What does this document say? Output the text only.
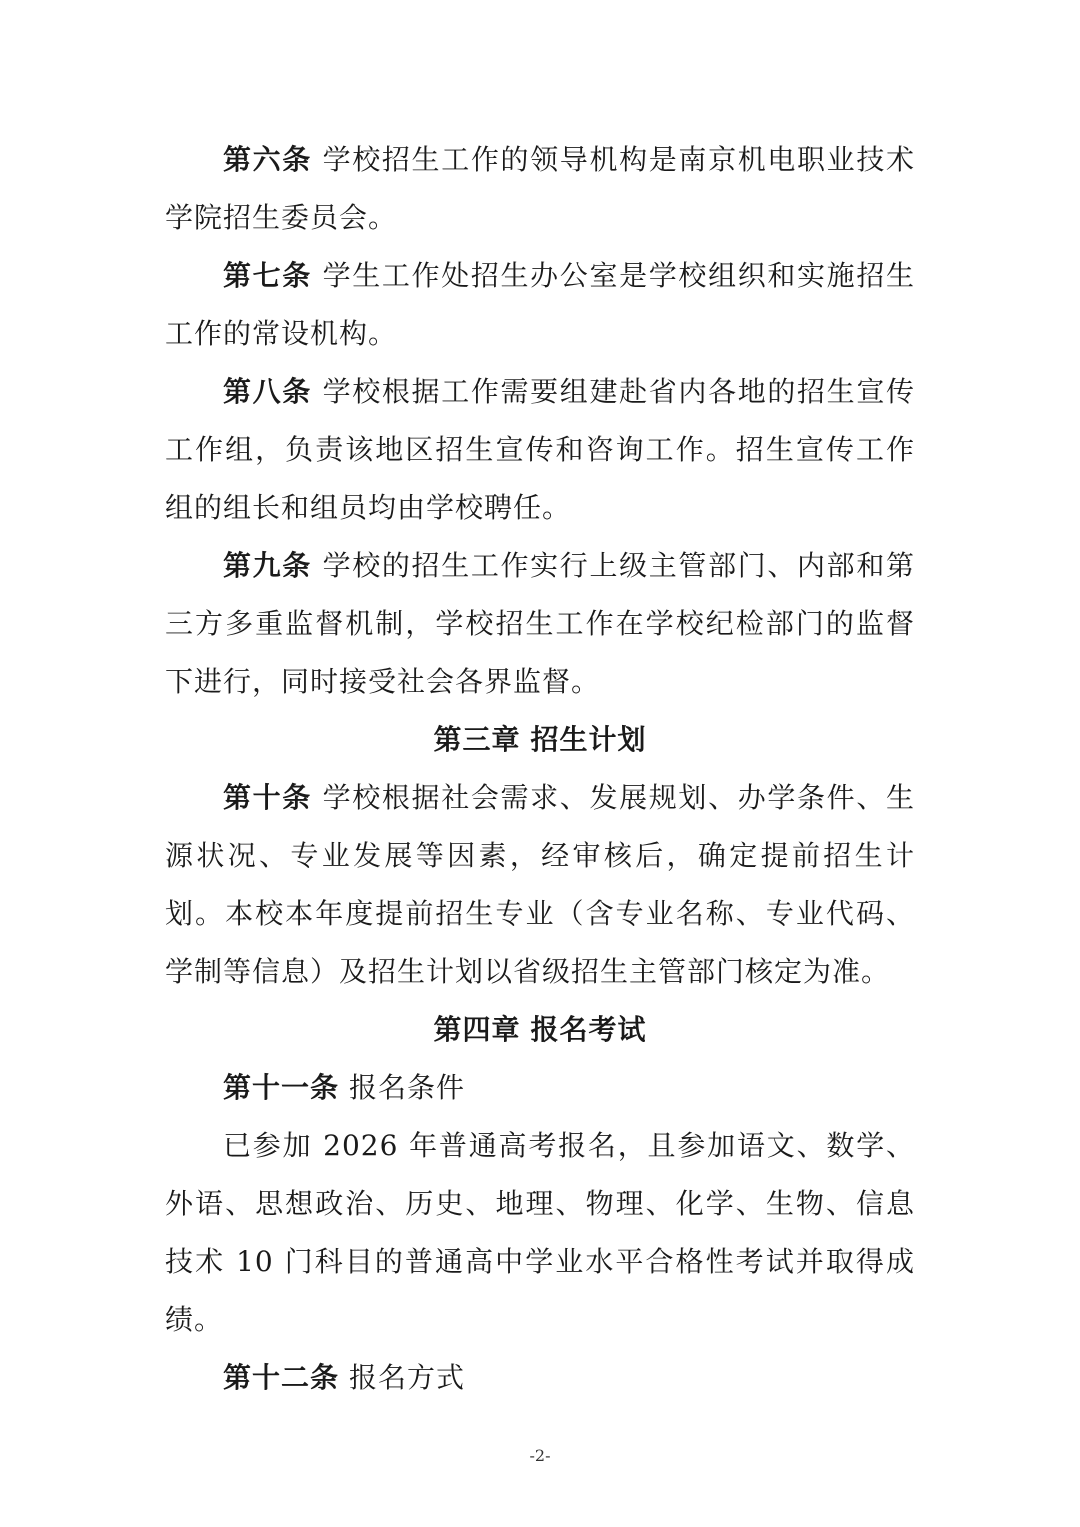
第六条 学校招生工作的领导机构是南京机电职业技术学院招生委员会。

第七条 学生工作处招生办公室是学校组织和实施招生工作的常设机构。

第八条 学校根据工作需要组建赴省内各地的招生宣传工作组，负责该地区招生宣传和咨询工作。招生宣传工作组的组长和组员均由学校聘任。

第九条 学校的招生工作实行上级主管部门、内部和第三方多重监督机制，学校招生工作在学校纪检部门的监督下进行，同时接受社会各界监督。

第三章 招生计划

第十条 学校根据社会需求、发展规划、办学条件、生源状况、专业发展等因素，经审核后，确定提前招生计划。本校本年度提前招生专业（含专业名称、专业代码、学制等信息）及招生计划以省级招生主管部门核定为准。

第四章 报名考试

第十一条 报名条件

已参加 2026 年普通高考报名，且参加语文、数学、外语、思想政治、历史、地理、物理、化学、生物、信息技术 10 门科目的普通高中学业水平合格性考试并取得成绩。

第十二条 报名方式

-2-
